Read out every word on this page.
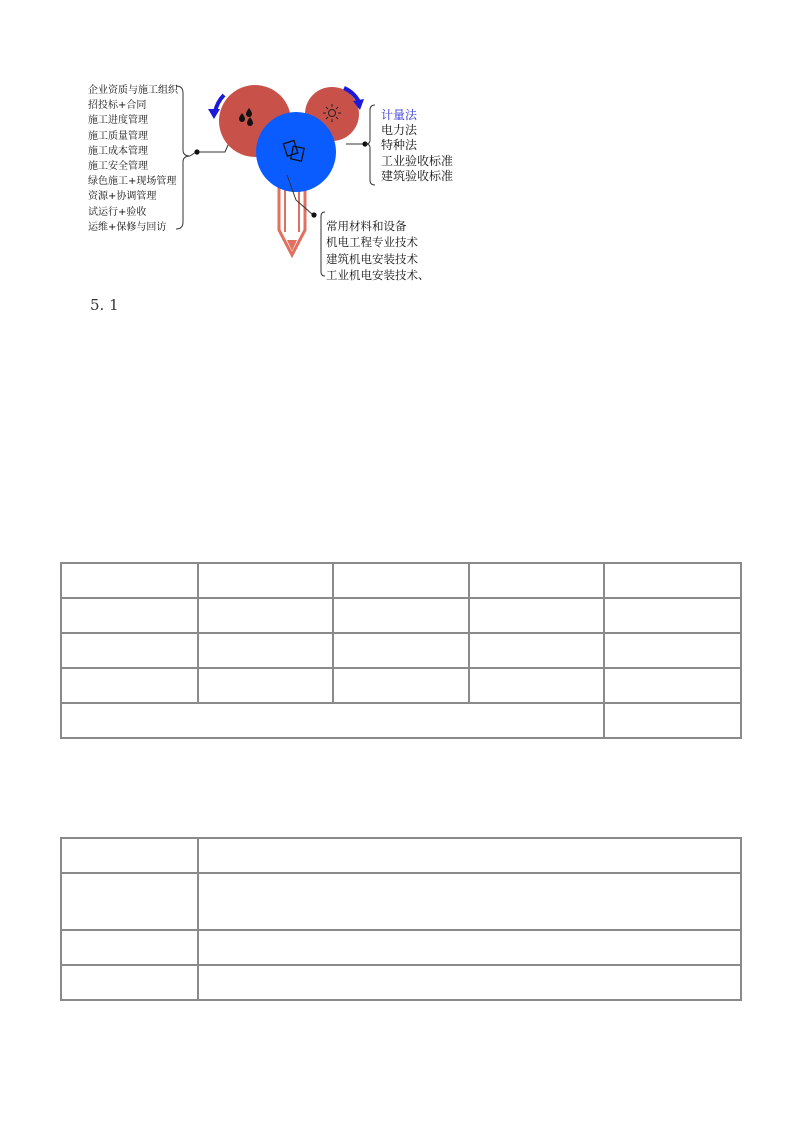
企业资质与施工组织
招投标+合同
施工进度管理
施工质量管理
施工成本管理
施工安全管理
绿色施工+现场管理
资源+协调管理
试运行+验收
运维+保修与回访
计量法
电力法
特种法
工业验收标准
建筑验收标准
常用材料和设备
机电工程专业技术
建筑机电安装技术
工业机电安装技术、
5. 1
